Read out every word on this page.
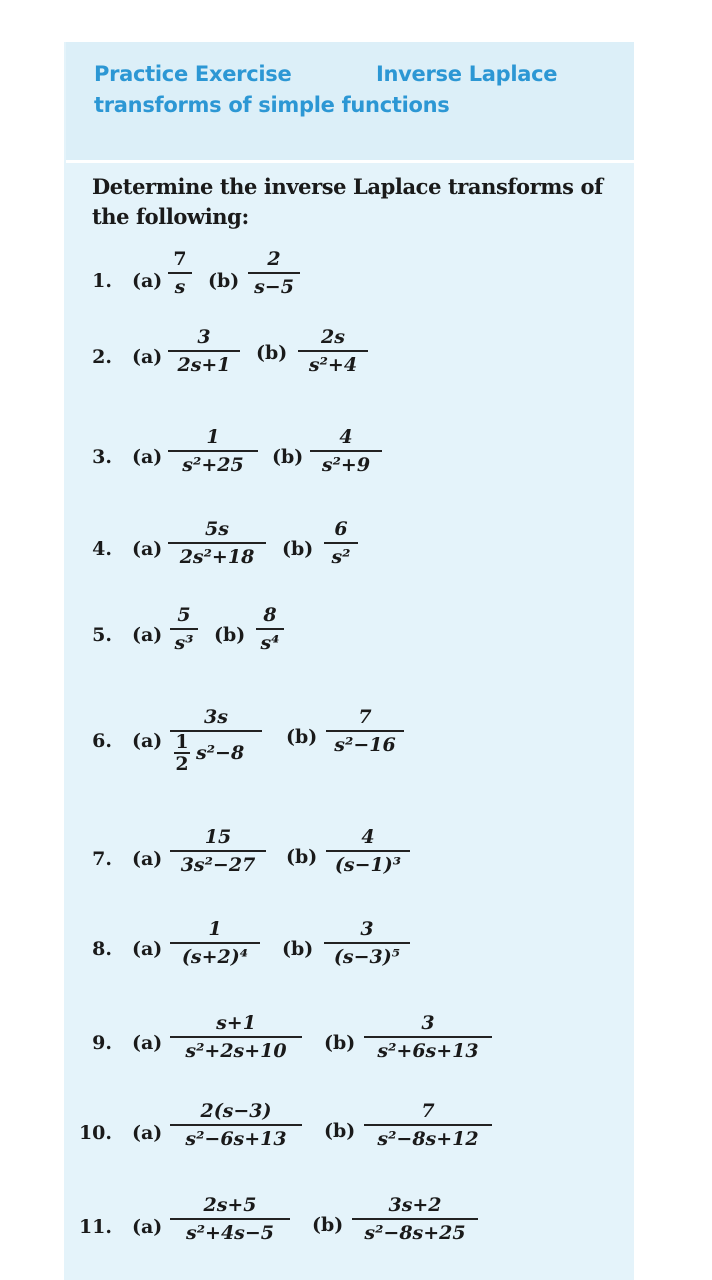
Practice Exercise	Inverse Laplace
transforms of simple functions
Determine the inverse Laplace transforms of the following:
1. (a)
7
s	(b)
2
s−5
2. (a)
3
2s+1
(b)
2s
s²+4
3. (a)
1
s²+25	(b)
4
s²+9
4. (a)
5s
2s²+18	(b)
6
s²
5. (a)
5
s³ (b)
8
s⁴
6. (a)
3s
1
2 s²−8
(b)
7
s²−16
7. (a)
15
3s²−27	(b)
4
(s−1)³
8. (a)
1
(s+2)⁴	(b)
3
(s−3)⁵
9. (a)
s+1
s²+2s+10	(b)
3
s²+6s+13
10. (a)
2(s−3)
s²−6s+13	(b)
7
s²−8s+12
11. (a)
2s+5
s²+4s−5	(b)
3s+2
s²−8s+25
